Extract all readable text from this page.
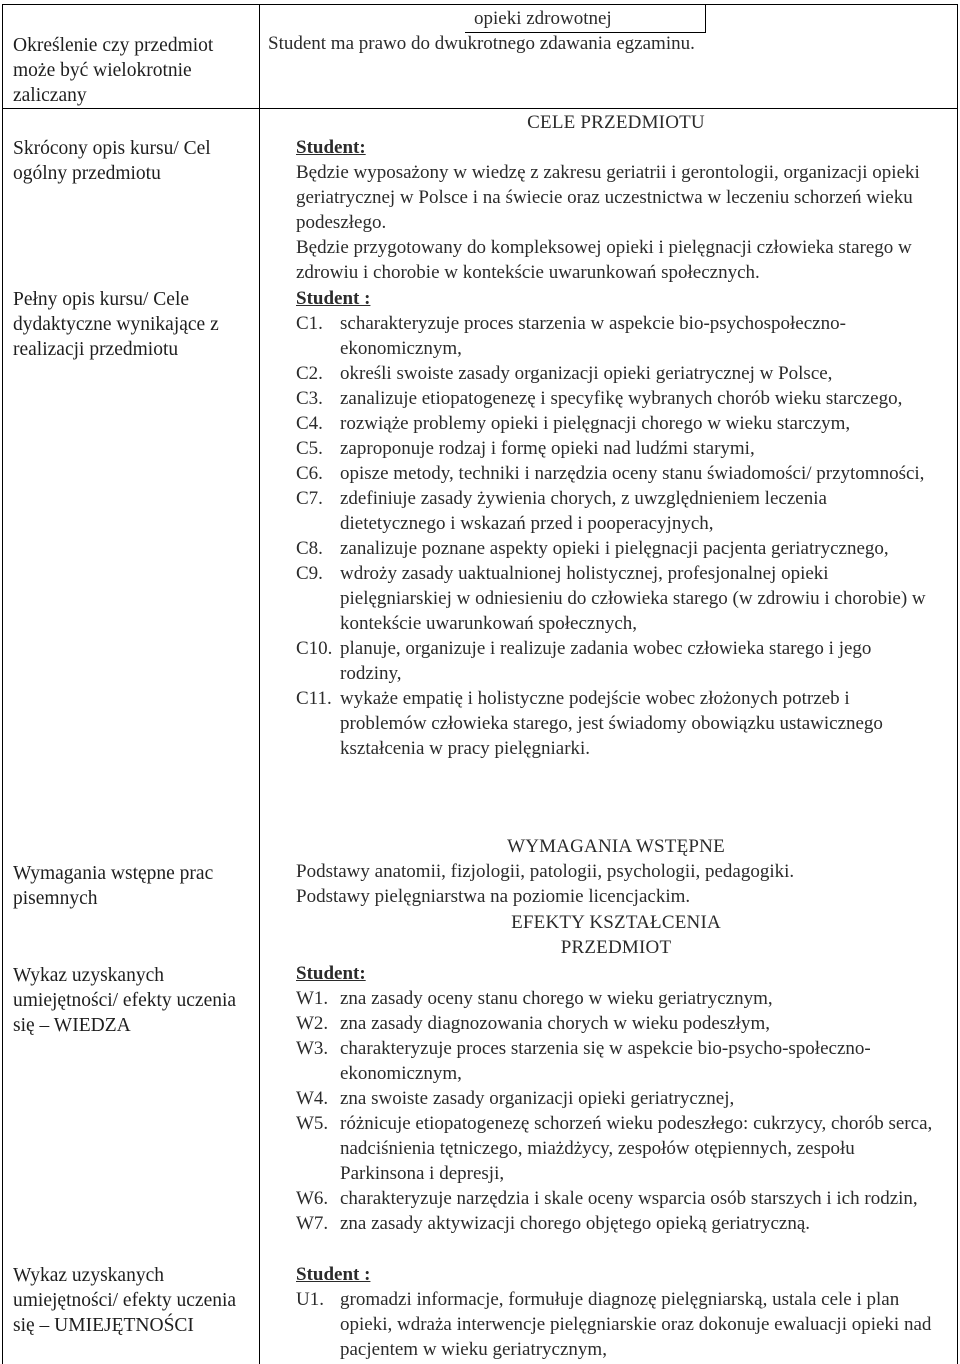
opieki zdrowotnej
Student ma prawo do dwukrotnego zdawania egzaminu.
Określenie czy przedmiot może być wielokrotnie zaliczany
Skrócony opis kursu/ Cel ogólny przedmiotu
Pełny opis kursu/ Cele dydaktyczne wynikające z realizacji przedmiotu
Wymagania wstępne prac pisemnych
Wykaz uzyskanych umiejętności/ efekty uczenia się – WIEDZA
Wykaz uzyskanych umiejętności/ efekty uczenia się – UMIEJĘTNOŚCI
CELE PRZEDMIOTU

Student:

Będzie wyposażony w wiedzę z zakresu geriatrii i gerontologii, organizacji opieki geriatrycznej w Polsce i na świecie oraz uczestnictwa w leczeniu schorzeń wieku podeszłego.

Będzie przygotowany do kompleksowej opieki i pielęgnacji człowieka starego w zdrowiu i chorobie w kontekście uwarunkowań społecznych.

Student :

C1. scharakteryzuje proces starzenia w aspekcie bio-psychospołeczno-ekonomicznym,
C2. określi swoiste zasady organizacji opieki geriatrycznej w Polsce,
C3. zanalizuje etiopatogenezę i specyfikę wybranych chorób wieku starczego,
C4. rozwiąże problemy opieki i pielęgnacji chorego w wieku starczym,
C5. zaproponuje rodzaj i formę opieki nad ludźmi starymi,
C6. opisze metody, techniki i narzędzia oceny stanu świadomości/ przytomności,
C7. zdefiniuje zasady żywienia chorych, z uwzględnieniem leczenia dietetycznego i wskazań przed i pooperacyjnych,
C8. zanalizuje poznane aspekty opieki i pielęgnacji pacjenta geriatrycznego,
C9. wdroży zasady uaktualnionej holistycznej, profesjonalnej opieki pielęgniarskiej w odniesieniu do człowieka starego (w zdrowiu i chorobie) w kontekście uwarunkowań społecznych,
C10. planuje, organizuje i realizuje zadania wobec człowieka starego i jego rodziny,
C11. wykaże empatię i holistyczne podejście wobec złożonych potrzeb i problemów człowieka starego, jest świadomy obowiązku ustawicznego kształcenia w pracy pielęgniarki.
WYMAGANIA WSTĘPNE

Podstawy anatomii, fizjologii, patologii, psychologii, pedagogiki.

Podstawy pielęgniarstwa na poziomie licencjackim.

EFEKTY KSZTAŁCENIA
PRZEDMIOT

Student:

W1. zna zasady oceny stanu chorego w wieku geriatrycznym,
W2. zna zasady diagnozowania chorych w wieku podeszłym,
W3. charakteryzuje proces starzenia się w aspekcie bio-psycho-społeczno-ekonomicznym,
W4. zna swoiste zasady organizacji opieki geriatrycznej,
W5. różnicuje etiopatogenezę schorzeń wieku podeszłego: cukrzycy, chorób serca, nadciśnienia tętniczego, miażdżycy, zespołów otępiennych, zespołu Parkinsona i depresji,
W6. charakteryzuje narzędzia i skale oceny wsparcia osób starszych i ich rodzin,
W7. zna zasady aktywizacji chorego objętego opieką geriatryczną.

Student :

U1. gromadzi informacje, formułuje diagnozę pielęgniarską, ustala cele i plan opieki, wdraża interwencje pielęgniarskie oraz dokonuje ewaluacji opieki nad pacjentem w wieku geriatrycznym,
